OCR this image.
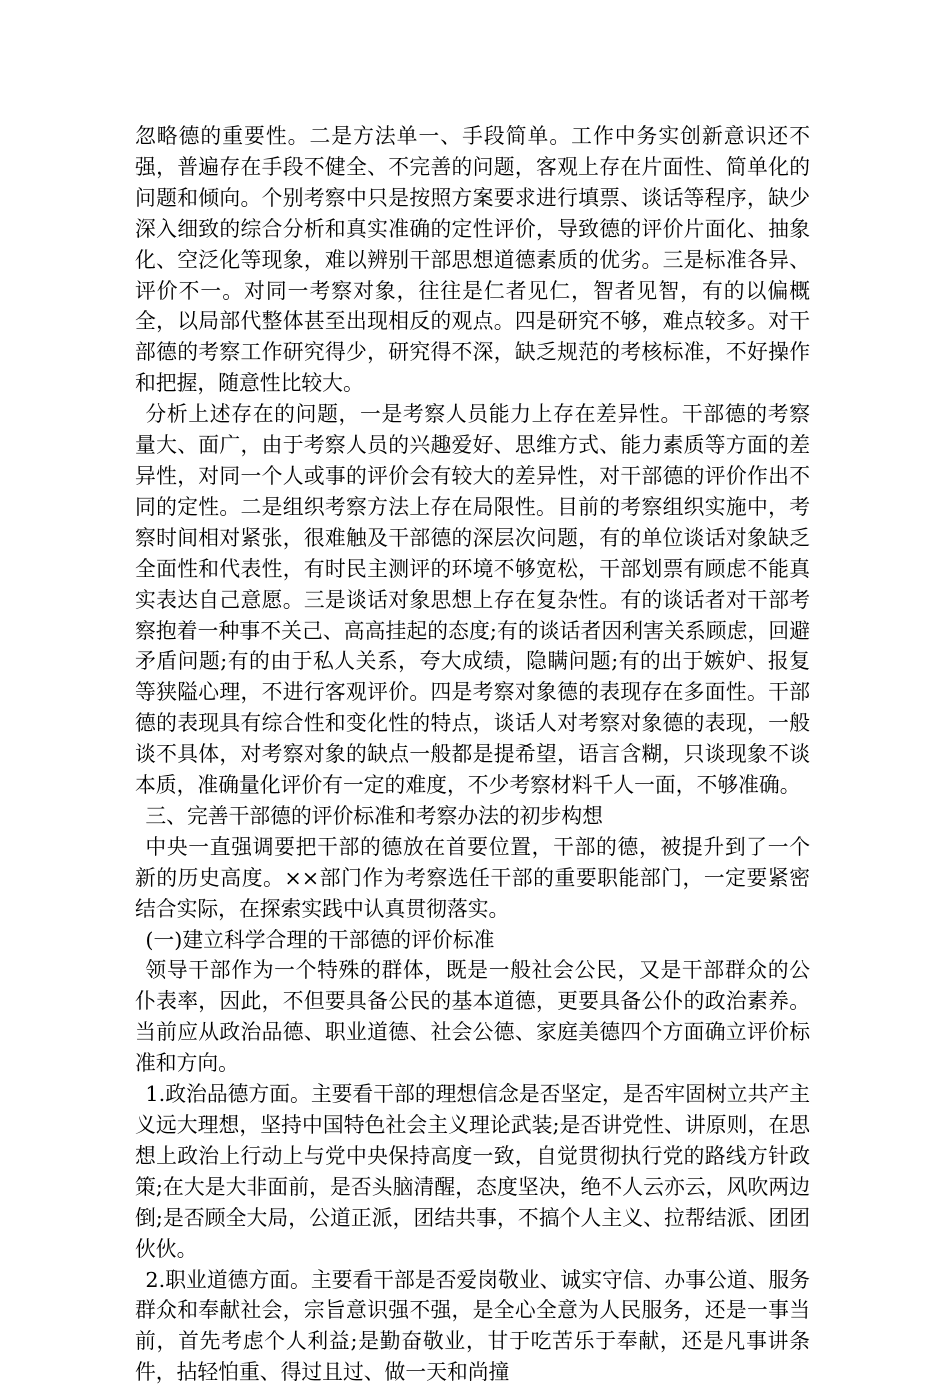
忽略德的重要性。二是方法单一、手段简单。工作中务实创新意识还不强，普遍存在手段不健全、不完善的问题，客观上存在片面性、简单化的问题和倾向。个别考察中只是按照方案要求进行填票、谈话等程序，缺少深入细致的综合分析和真实准确的定性评价，导致德的评价片面化、抽象化、空泛化等现象，难以辨别干部思想道德素质的优劣。三是标准各异、评价不一。对同一考察对象，往往是仁者见仁，智者见智，有的以偏概全，以局部代整体甚至出现相反的观点。四是研究不够，难点较多。对干部德的考察工作研究得少，研究得不深，缺乏规范的考核标准，不好操作和把握，随意性比较大。

分析上述存在的问题，一是考察人员能力上存在差异性。干部德的考察量大、面广，由于考察人员的兴趣爱好、思维方式、能力素质等方面的差异性，对同一个人或事的评价会有较大的差异性，对干部德的评价作出不同的定性。二是组织考察方法上存在局限性。目前的考察组织实施中，考察时间相对紧张，很难触及干部德的深层次问题，有的单位谈话对象缺乏全面性和代表性，有时民主测评的环境不够宽松，干部划票有顾虑不能真实表达自己意愿。三是谈话对象思想上存在复杂性。有的谈话者对干部考察抱着一种事不关己、高高挂起的态度;有的谈话者因利害关系顾虑，回避矛盾问题;有的由于私人关系，夸大成绩，隐瞒问题;有的出于嫉妒、报复等狭隘心理，不进行客观评价。四是考察对象德的表现存在多面性。干部德的表现具有综合性和变化性的特点，谈话人对考察对象德的表现，一般谈不具体，对考察对象的缺点一般都是提希望，语言含糊，只谈现象不谈本质，准确量化评价有一定的难度，不少考察材料千人一面，不够准确。

三、完善干部德的评价标准和考察办法的初步构想

中央一直强调要把干部的德放在首要位置，干部的德，被提升到了一个新的历史高度。××部门作为考察选任干部的重要职能部门，一定要紧密结合实际，在探索实践中认真贯彻落实。

(一)建立科学合理的干部德的评价标准

领导干部作为一个特殊的群体，既是一般社会公民，又是干部群众的公仆表率，因此，不但要具备公民的基本道德，更要具备公仆的政治素养。当前应从政治品德、职业道德、社会公德、家庭美德四个方面确立评价标准和方向。

1.政治品德方面。主要看干部的理想信念是否坚定，是否牢固树立共产主义远大理想，坚持中国特色社会主义理论武装;是否讲党性、讲原则，在思想上政治上行动上与党中央保持高度一致，自觉贯彻执行党的路线方针政策;在大是大非面前，是否头脑清醒，态度坚决，绝不人云亦云，风吹两边倒;是否顾全大局，公道正派，团结共事，不搞个人主义、拉帮结派、团团伙伙。

2.职业道德方面。主要看干部是否爱岗敬业、诚实守信、办事公道、服务群众和奉献社会，宗旨意识强不强，是全心全意为人民服务，还是一事当前，首先考虑个人利益;是勤奋敬业，甘于吃苦乐于奉献，还是凡事讲条件，拈轻怕重、得过且过、做一天和尚撞
